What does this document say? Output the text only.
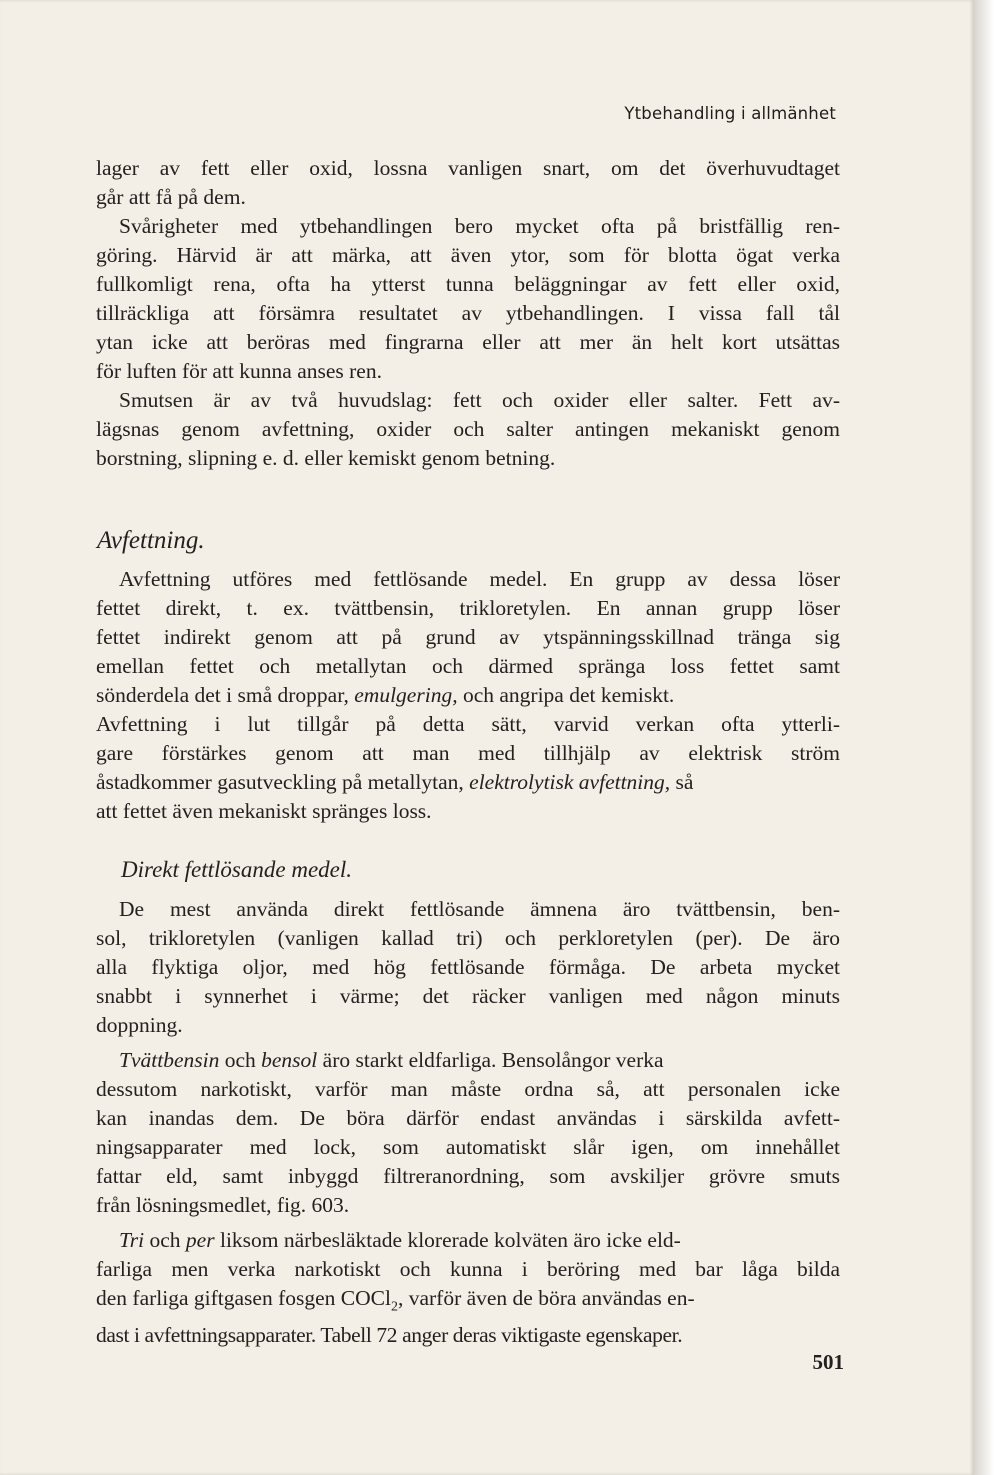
Ytbehandling i allmänhet
lager av fett eller oxid, lossna vanligen snart, om det överhuvudtaget
går att få på dem.
Svårigheter med ytbehandlingen bero mycket ofta på bristfällig ren-
göring. Härvid är att märka, att även ytor, som för blotta ögat verka
fullkomligt rena, ofta ha ytterst tunna beläggningar av fett eller oxid,
tillräckliga att försämra resultatet av ytbehandlingen. I vissa fall tål
ytan icke att beröras med fingrarna eller att mer än helt kort utsättas
för luften för att kunna anses ren.
Smutsen är av två huvudslag: fett och oxider eller salter. Fett av-
lägsnas genom avfettning, oxider och salter antingen mekaniskt genom
borstning, slipning e. d. eller kemiskt genom betning.
Avfettning.
Avfettning utföres med fettlösande medel. En grupp av dessa löser
fettet direkt, t. ex. tvättbensin, trikloretylen. En annan grupp löser
fettet indirekt genom att på grund av ytspänningsskillnad tränga sig
emellan fettet och metallytan och därmed spränga loss fettet samt
sönderdela det i små droppar, emulgering, och angripa det kemiskt.
Avfettning i lut tillgår på detta sätt, varvid verkan ofta ytterli-
gare förstärkes genom att man med tillhjälp av elektrisk ström
åstadkommer gasutveckling på metallytan, elektrolytisk avfettning, så
att fettet även mekaniskt spränges loss.
Direkt fettlösande medel.
De mest använda direkt fettlösande ämnena äro tvättbensin, ben-
sol, trikloretylen (vanligen kallad tri) och perkloretylen (per). De äro
alla flyktiga oljor, med hög fettlösande förmåga. De arbeta mycket
snabbt i synnerhet i värme; det räcker vanligen med någon minuts
doppning.
Tvättbensin och bensol äro starkt eldfarliga. Bensolångor verka
dessutom narkotiskt, varför man måste ordna så, att personalen icke
kan inandas dem. De böra därför endast användas i särskilda avfett-
ningsapparater med lock, som automatiskt slår igen, om innehållet
fattar eld, samt inbyggd filtreranordning, som avskiljer grövre smuts
från lösningsmedlet, fig. 603.
Tri och per liksom närbesläktade klorerade kolväten äro icke eld-
farliga men verka narkotiskt och kunna i beröring med bar låga bilda
den farliga giftgasen fosgen COCl$_2$, varför även de böra användas en-
dast i avfettningsapparater. Tabell 72 anger deras viktigaste egenskaper.
501
